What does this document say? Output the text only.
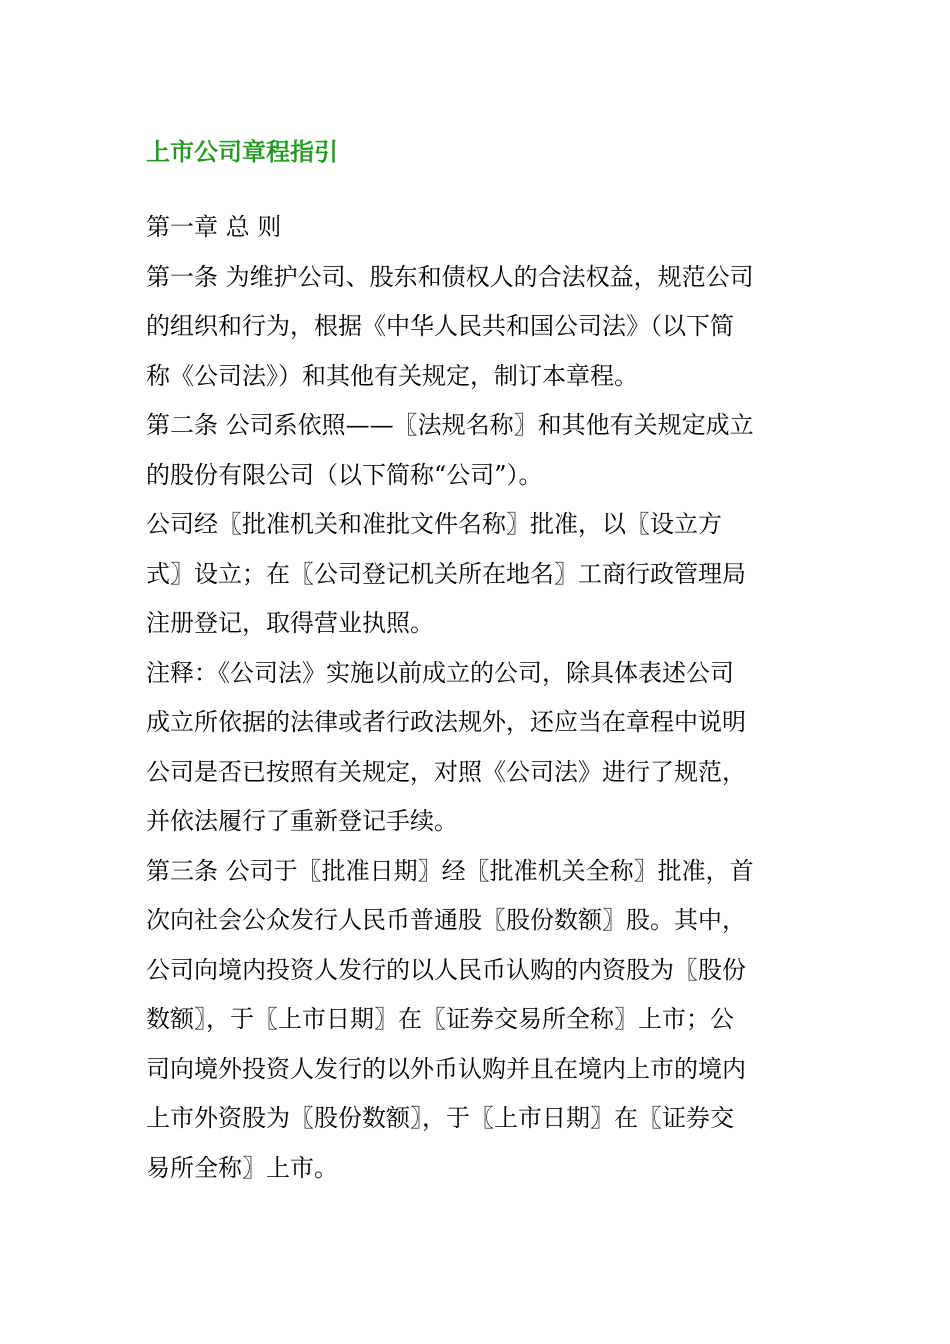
上市公司章程指引

第一章 总 则

第一条 为维护公司、股东和债权人的合法权益，规范公司

的组织和行为，根据《中华人民共和国公司法》（以下简

称《公司法》）和其他有关规定，制订本章程。

第二条 公司系依照——〖法规名称〗和其他有关规定成立

的股份有限公司（以下简称“公司”）。

公司经〖批准机关和准批文件名称〗批准，以〖设立方

式〗设立；在〖公司登记机关所在地名〗工商行政管理局

注册登记，取得营业执照。

注释：《公司法》实施以前成立的公司，除具体表述公司

成立所依据的法律或者行政法规外，还应当在章程中说明

公司是否已按照有关规定，对照《公司法》进行了规范，

并依法履行了重新登记手续。

第三条 公司于〖批准日期〗经〖批准机关全称〗批准，首

次向社会公众发行人民币普通股〖股份数额〗股。其中，

公司向境内投资人发行的以人民币认购的内资股为〖股份

数额〗，于〖上市日期〗在〖证券交易所全称〗上市；公

司向境外投资人发行的以外币认购并且在境内上市的境内

上市外资股为〖股份数额〗，于〖上市日期〗在〖证券交

易所全称〗上市。
